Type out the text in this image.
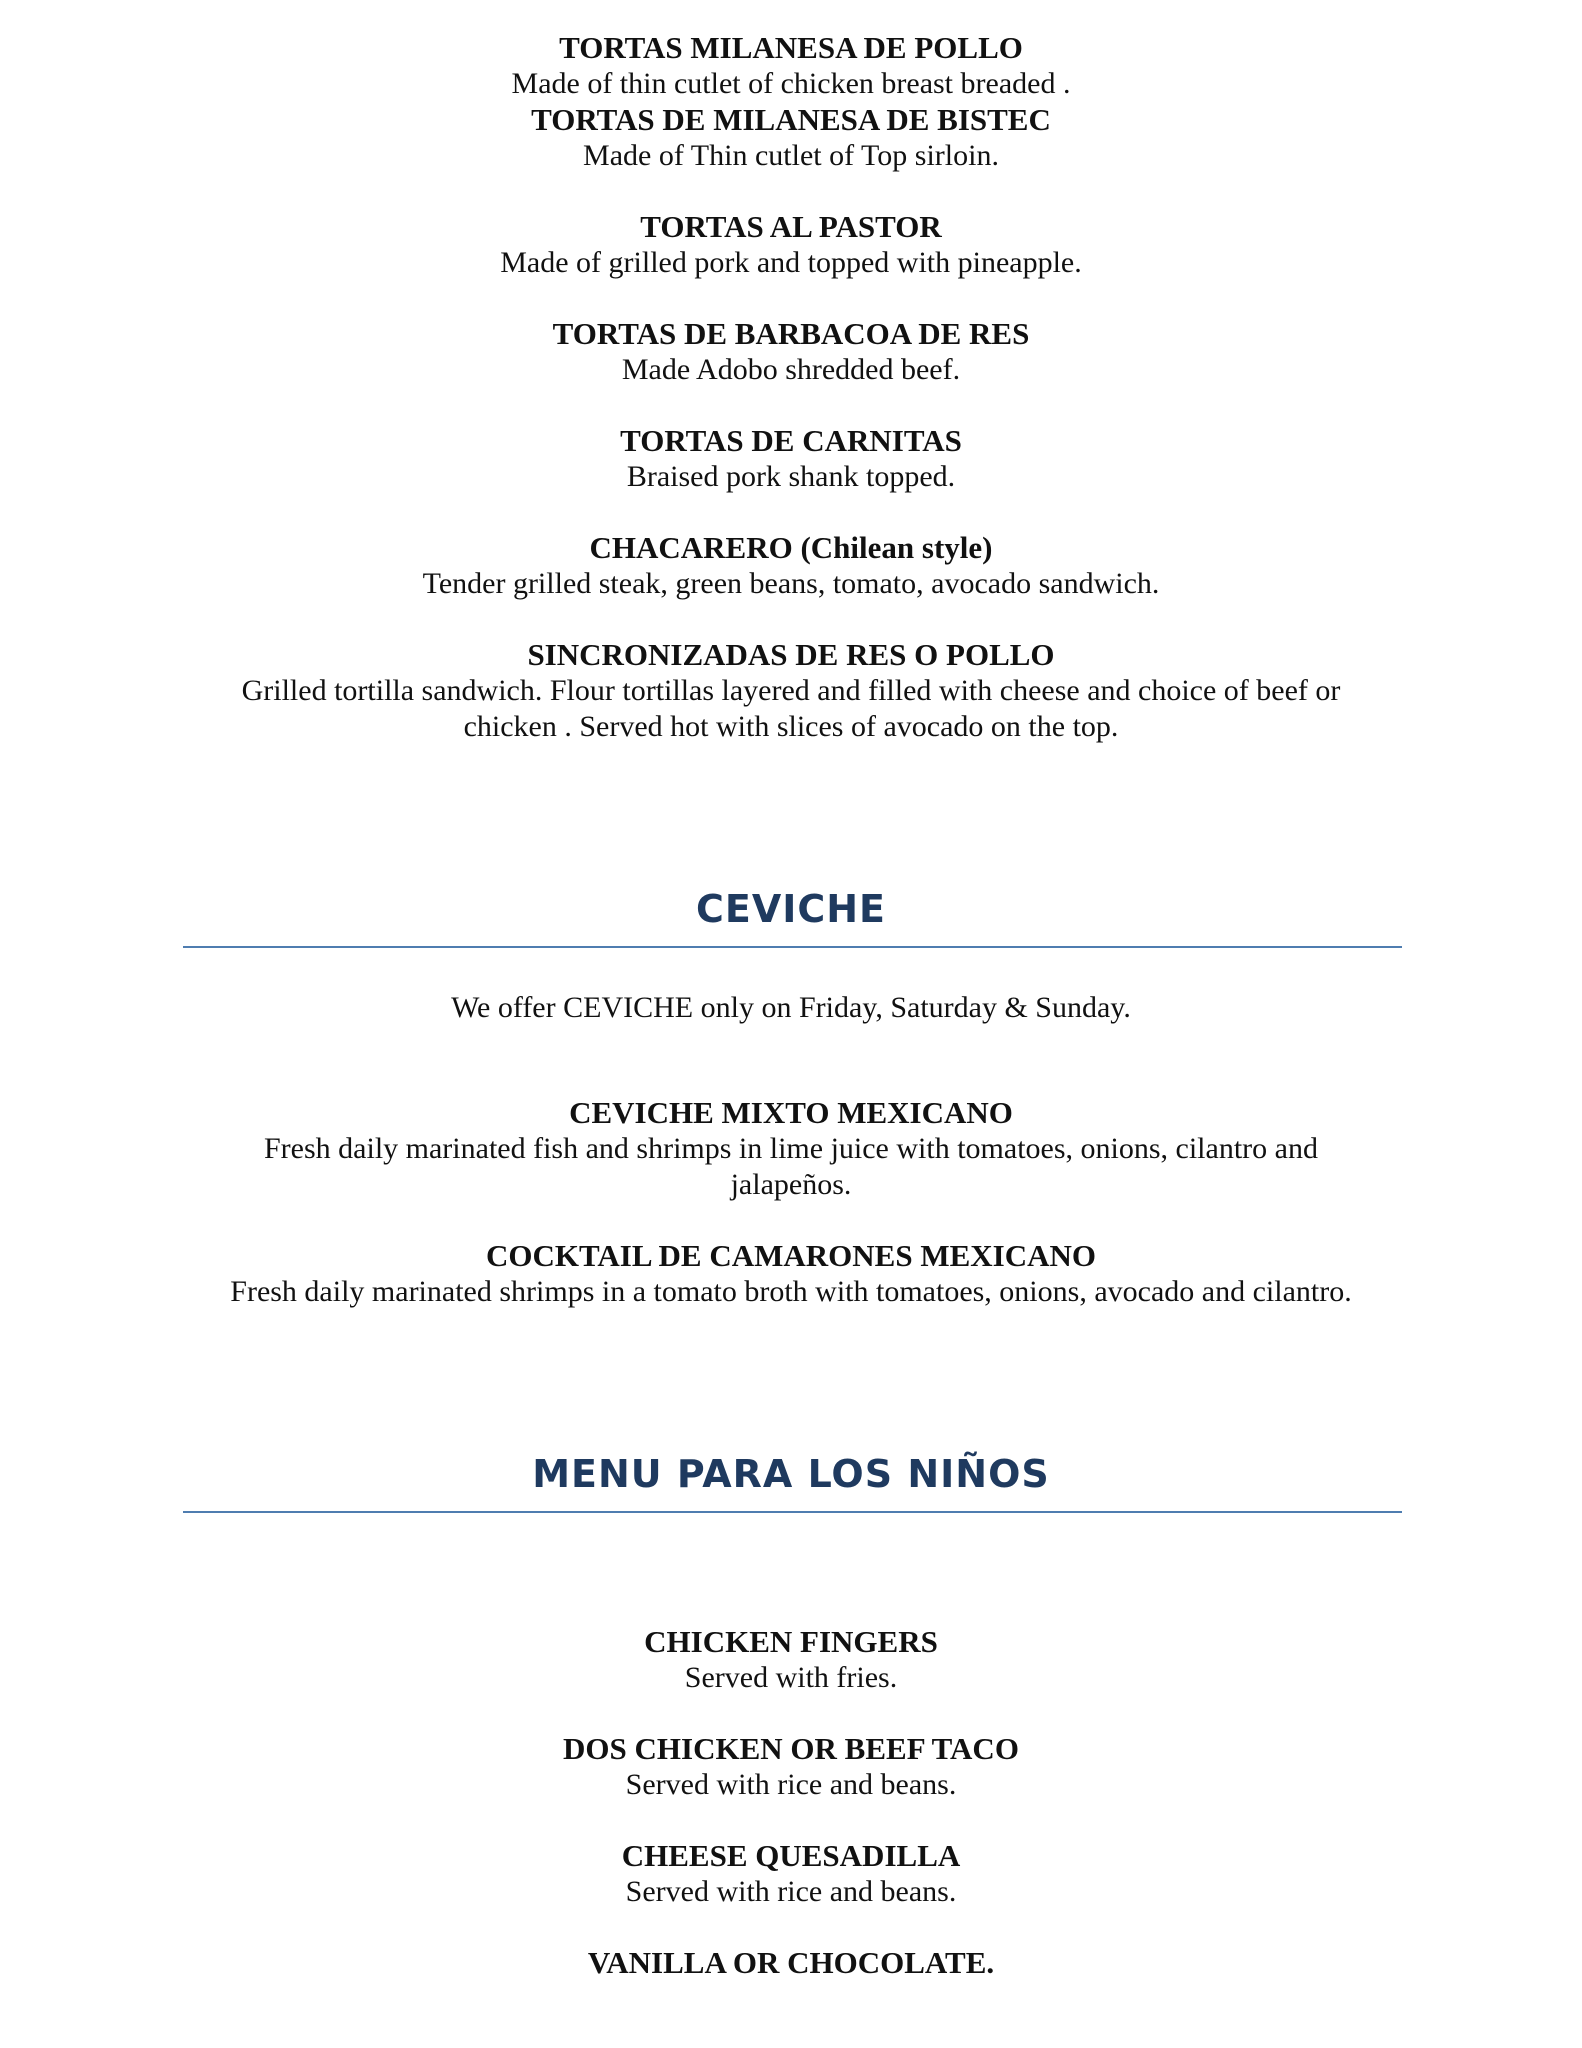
TORTAS MILANESA DE POLLO

Made of thin cutlet of chicken breast breaded .

TORTAS DE MILANESA DE BISTEC

Made of Thin cutlet of Top sirloin.

TORTAS AL PASTOR

Made of grilled pork and topped with pineapple.

TORTAS DE BARBACOA DE RES

Made Adobo shredded beef.

TORTAS DE CARNITAS

Braised pork shank topped.

CHACARERO (Chilean style)

Tender grilled steak, green beans, tomato, avocado sandwich.

SINCRONIZADAS DE RES O POLLO

Grilled tortilla sandwich. Flour tortillas layered and filled with cheese and choice of beef or chicken . Served hot with slices of avocado on the top.

CEVICHE

We offer CEVICHE only on Friday, Saturday & Sunday.

CEVICHE MIXTO MEXICANO

Fresh daily marinated fish and shrimps in lime juice with tomatoes, onions, cilantro and jalapeños.

COCKTAIL DE CAMARONES MEXICANO

Fresh daily marinated shrimps in a tomato broth with tomatoes, onions, avocado and cilantro.

MENU PARA LOS NIÑOS

CHICKEN FINGERS

Served with fries.

DOS CHICKEN OR BEEF TACO

Served with rice and beans.

CHEESE QUESADILLA

Served with rice and beans.

VANILLA OR CHOCOLATE.
